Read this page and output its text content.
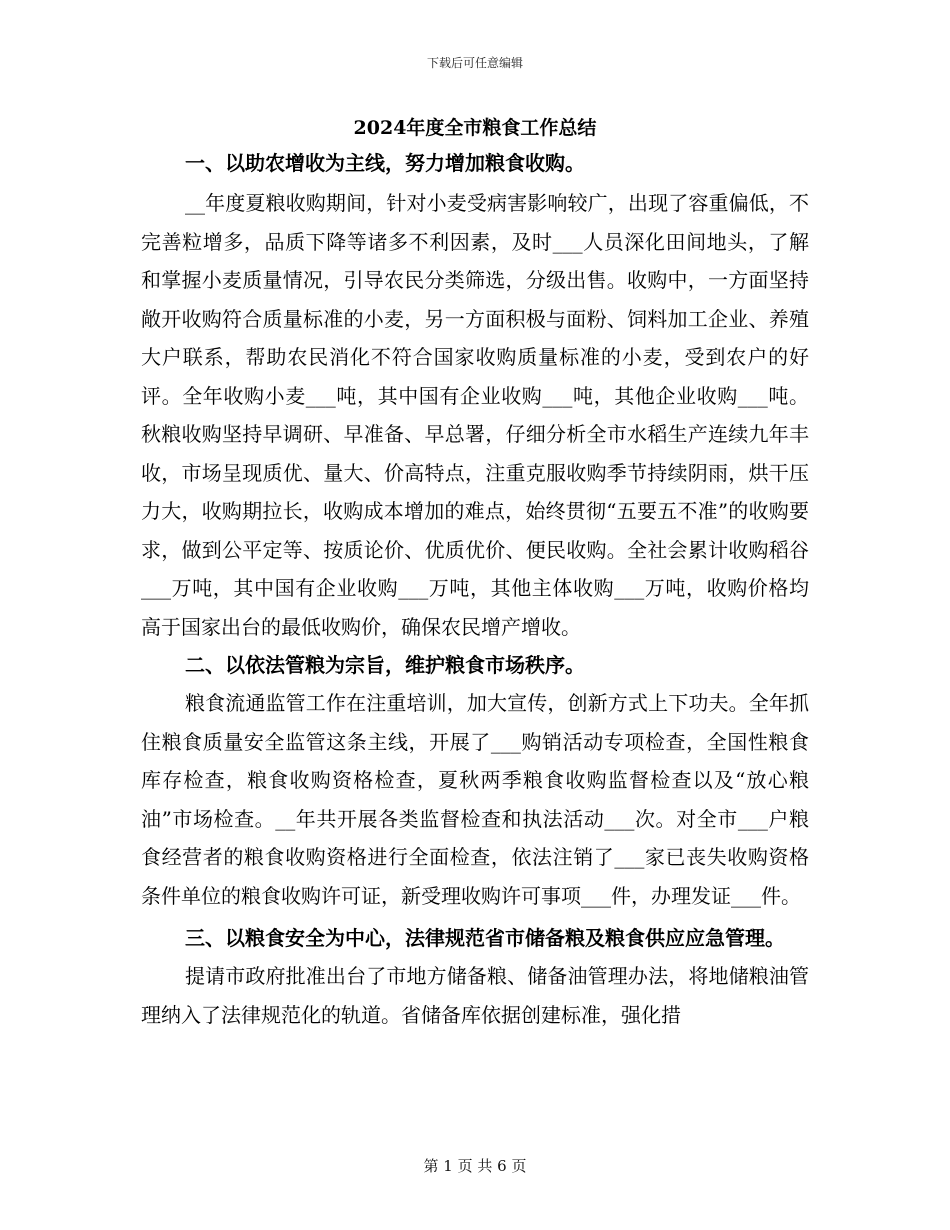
下载后可任意编辑
2024年度全市粮食工作总结

一、以助农增收为主线，努力增加粮食收购。

__年度夏粮收购期间，针对小麦受病害影响较广，出现了容重偏低，不完善粒增多，品质下降等诸多不利因素，及时___人员深化田间地头，了解和掌握小麦质量情况，引导农民分类筛选，分级出售。收购中，一方面坚持敞开收购符合质量标准的小麦，另一方面积极与面粉、饲料加工企业、养殖大户联系，帮助农民消化不符合国家收购质量标准的小麦，受到农户的好评。全年收购小麦___吨，其中国有企业收购___吨，其他企业收购___吨。秋粮收购坚持早调研、早准备、早总署，仔细分析全市水稻生产连续九年丰收，市场呈现质优、量大、价高特点，注重克服收购季节持续阴雨，烘干压力大，收购期拉长，收购成本增加的难点，始终贯彻“五要五不准”的收购要求，做到公平定等、按质论价、优质优价、便民收购。全社会累计收购稻谷___万吨，其中国有企业收购___万吨，其他主体收购___万吨，收购价格均高于国家出台的最低收购价，确保农民增产增收。

二、以依法管粮为宗旨，维护粮食市场秩序。

粮食流通监管工作在注重培训，加大宣传，创新方式上下功夫。全年抓住粮食质量安全监管这条主线，开展了___购销活动专项检查，全国性粮食库存检查，粮食收购资格检查，夏秋两季粮食收购监督检查以及“放心粮油”市场检查。__年共开展各类监督检查和执法活动___次。对全市___户粮食经营者的粮食收购资格进行全面检查，依法注销了___家已丧失收购资格条件单位的粮食收购许可证，新受理收购许可事项___件，办理发证___件。

三、以粮食安全为中心，法律规范省市储备粮及粮食供应应急管理。

提请市政府批准出台了市地方储备粮、储备油管理办法，将地储粮油管理纳入了法律规范化的轨道。省储备库依据创建标准，强化措

第 1 页 共 6 页
